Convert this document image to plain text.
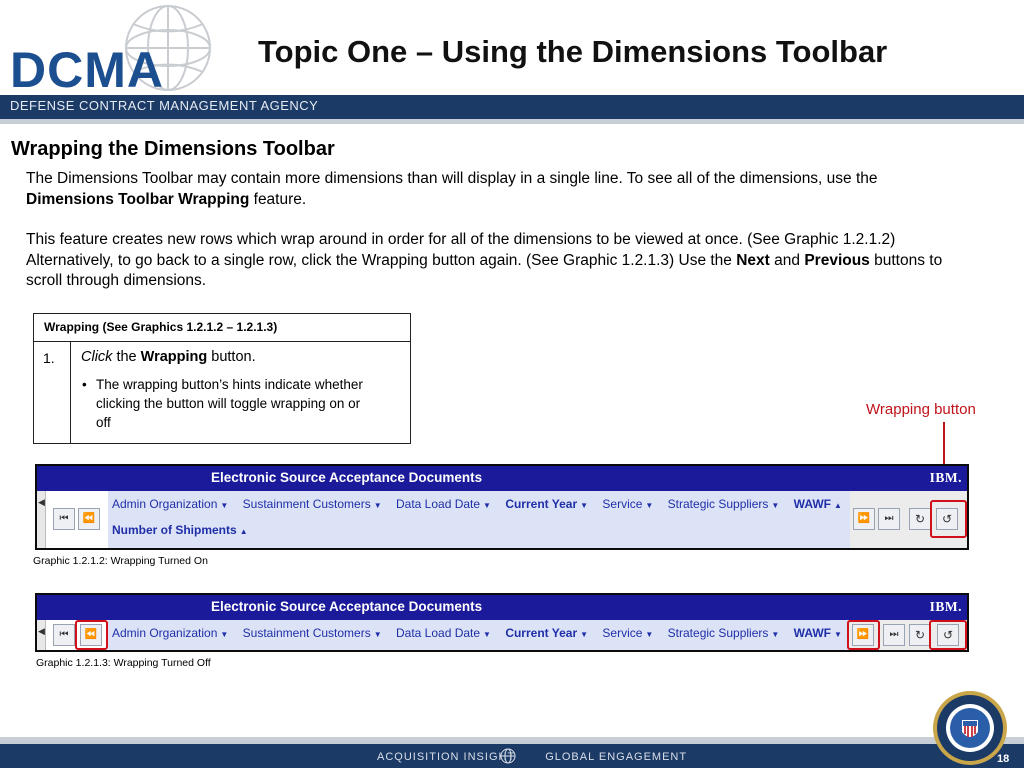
DCMA	Topic One – Using the Dimensions Toolbar
DEFENSE CONTRACT MANAGEMENT AGENCY
Wrapping the Dimensions Toolbar
The Dimensions Toolbar may contain more dimensions than will display in a single line. To see all of the dimensions, use the Dimensions Toolbar Wrapping feature.
This feature creates new rows which wrap around in order for all of the dimensions to be viewed at once. (See Graphic 1.2.1.2) Alternatively, to go back to a single row, click the Wrapping button again. (See Graphic 1.2.1.3) Use the Next and Previous buttons to scroll through dimensions.
Wrapping (See Graphics 1.2.1.2 – 1.2.1.3)
1.	Click the Wrapping button.
• The wrapping button’s hints indicate whether clicking the button will toggle wrapping on or off
Wrapping button
Electronic Source Acceptance Documents	IBM.
◀
⏮	⏪
Admin Organization ▼ Sustainment Customers ▼ Data Load Date ▼ Current Year ▼ Service ▼ Strategic Suppliers ▼ WAWF ▲
Number of Shipments ▲
⏩	⏭	↻	↺
Graphic 1.2.1.2: Wrapping Turned On
Electronic Source Acceptance Documents	IBM.
◀	⏮	⏪	Admin Organization ▼ Sustainment Customers ▼ Data Load Date ▼ Current Year ▼ Service ▼ Strategic Suppliers ▼ WAWF ▼	⏩	⏭	↻	↺
Graphic 1.2.1.3: Wrapping Turned Off
ACQUISITION INSIGHT	GLOBAL ENGAGEMENT	18
